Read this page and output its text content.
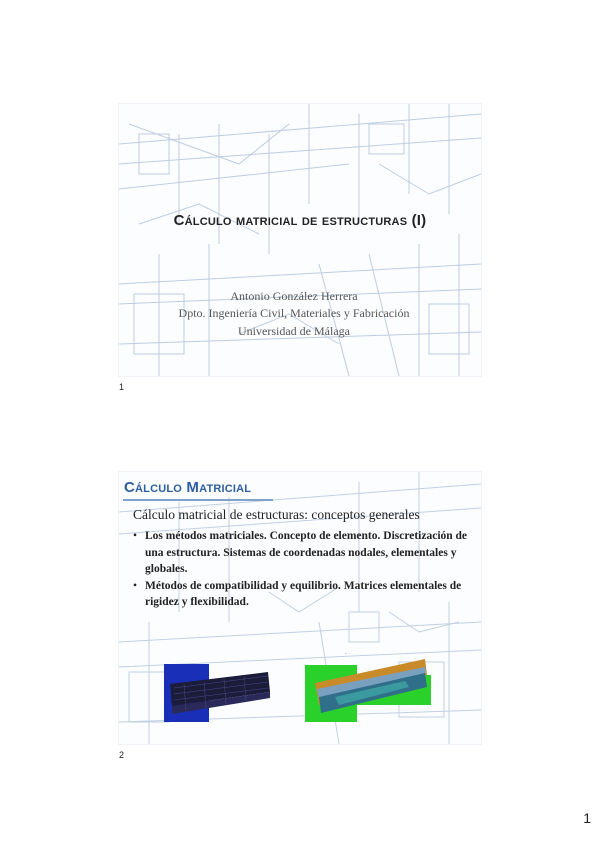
Cálculo matricial de estructuras (I)
Antonio González Herrera
Dpto. Ingeniería Civil, Materiales y Fabricación
Universidad de Málaga
1
Cálculo Matricial
Cálculo matricial de estructuras: conceptos generales
• Los métodos matriciales. Concepto de elemento. Discretización de una estructura. Sistemas de coordenadas nodales, elementales y globales.
• Métodos de compatibilidad y equilibrio. Matrices elementales de rigidez y flexibilidad.
2
1
